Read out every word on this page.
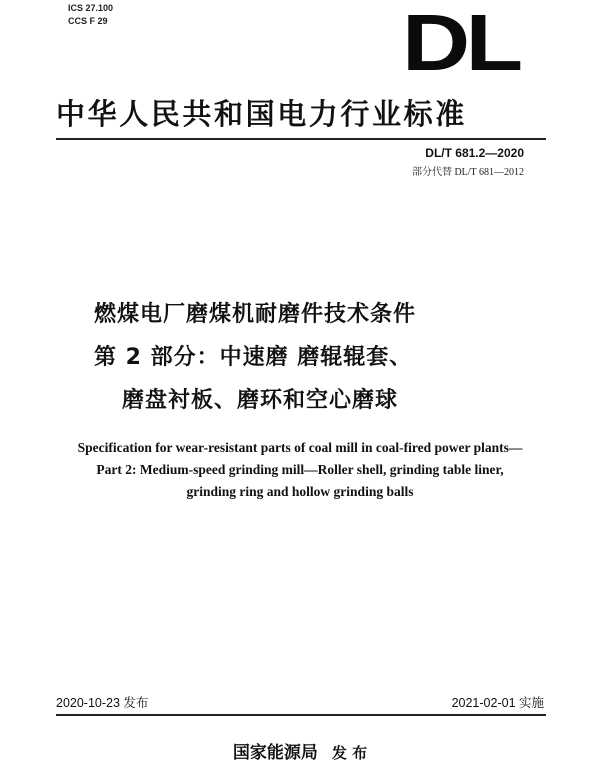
ICS 27.100
CCS F 29	DL
中华人民共和国电力行业标准
DL/T 681.2—2020
部分代替 DL/T 681—2012
燃煤电厂磨煤机耐磨件技术条件
第 2 部分：中速磨 磨辊辊套、
磨盘衬板、磨环和空心磨球
Specification for wear-resistant parts of coal mill in coal-fired power plants—
Part 2: Medium-speed grinding mill—Roller shell, grinding table liner,
grinding ring and hollow grinding balls
2020-10-23 发布	2021-02-01 实施
国家能源局 发 布
